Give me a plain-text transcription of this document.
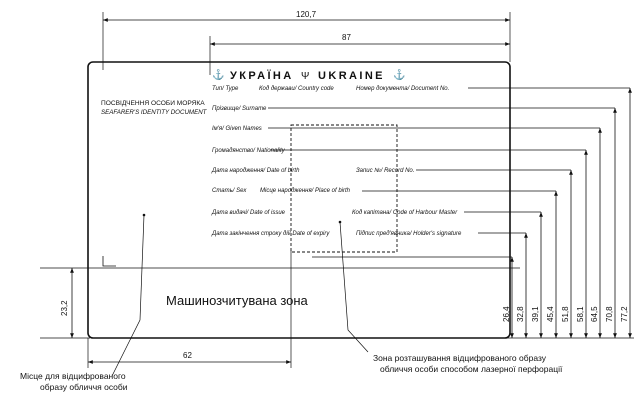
⚓ УКРАЇНА Ψ UKRAINE ⚓
ПОСВІДЧЕННЯ ОСОБИ МОРЯКА
SEAFARER'S IDENTITY DOCUMENT
Тип/ Type	Код держави/ Country code	Номер документа/ Document No.
Прізвище/ Surname
Ім'я/ Given Names
Громадянство/ Nationality
Дата народження/ Date of birth	Запис №/ Record No.
Стать/ Sex Місце народження/ Place of birth
Дата видачі/ Date of issue	Код капітана/ Code of Harbour Master
Дата закінчення строку дії/ Date of expiry	Підпис пред'явника/ Holder's signature
Машинозчитувана зона
120,7
87
23,2
62
26,4 32,8 39,1 45,4 51,8 58,1 64,5 70,8 77,2
Місце для відцифрованого
образу обличчя особи
Зона розташування відцифрованого образу
обличчя особи способом лазерної перфорації
